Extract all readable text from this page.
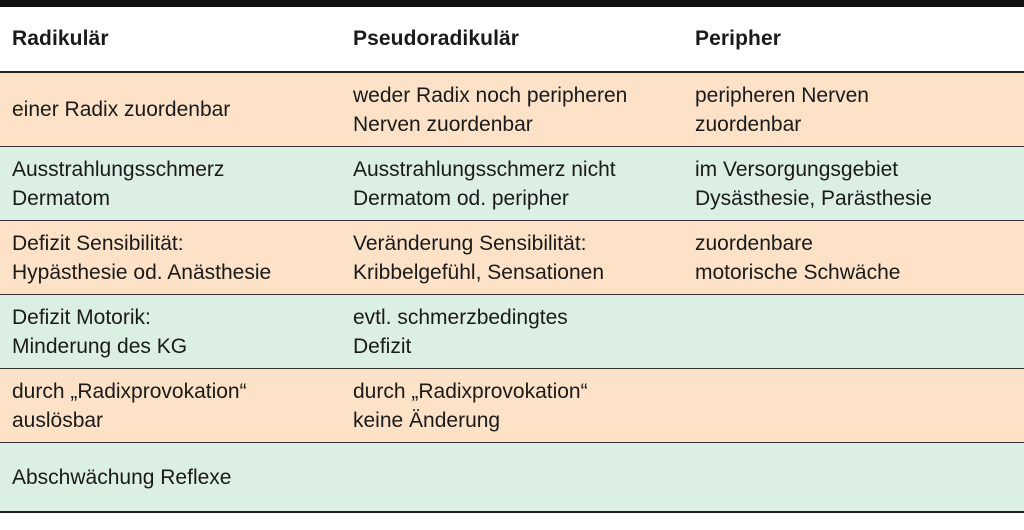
Radikulär	Pseudoradikulär	Peripher
einer Radix zuordenbar
weder Radix noch peripheren
Nerven zuordenbar
peripheren Nerven
zuordenbar
Ausstrahlungsschmerz
Dermatom
Ausstrahlungsschmerz nicht
Dermatom od. peripher
im Versorgungsgebiet
Dysästhesie, Parästhesie
Defizit Sensibilität:
Hypästhesie od. Anästhesie
Veränderung Sensibilität:
Kribbelgefühl, Sensationen
zuordenbare
motorische Schwäche
Defizit Motorik:
Minderung des KG
evtl. schmerzbedingtes
Defizit
durch „Radixprovokation“
auslösbar
durch „Radixprovokation“
keine Änderung
Abschwächung Reflexe
